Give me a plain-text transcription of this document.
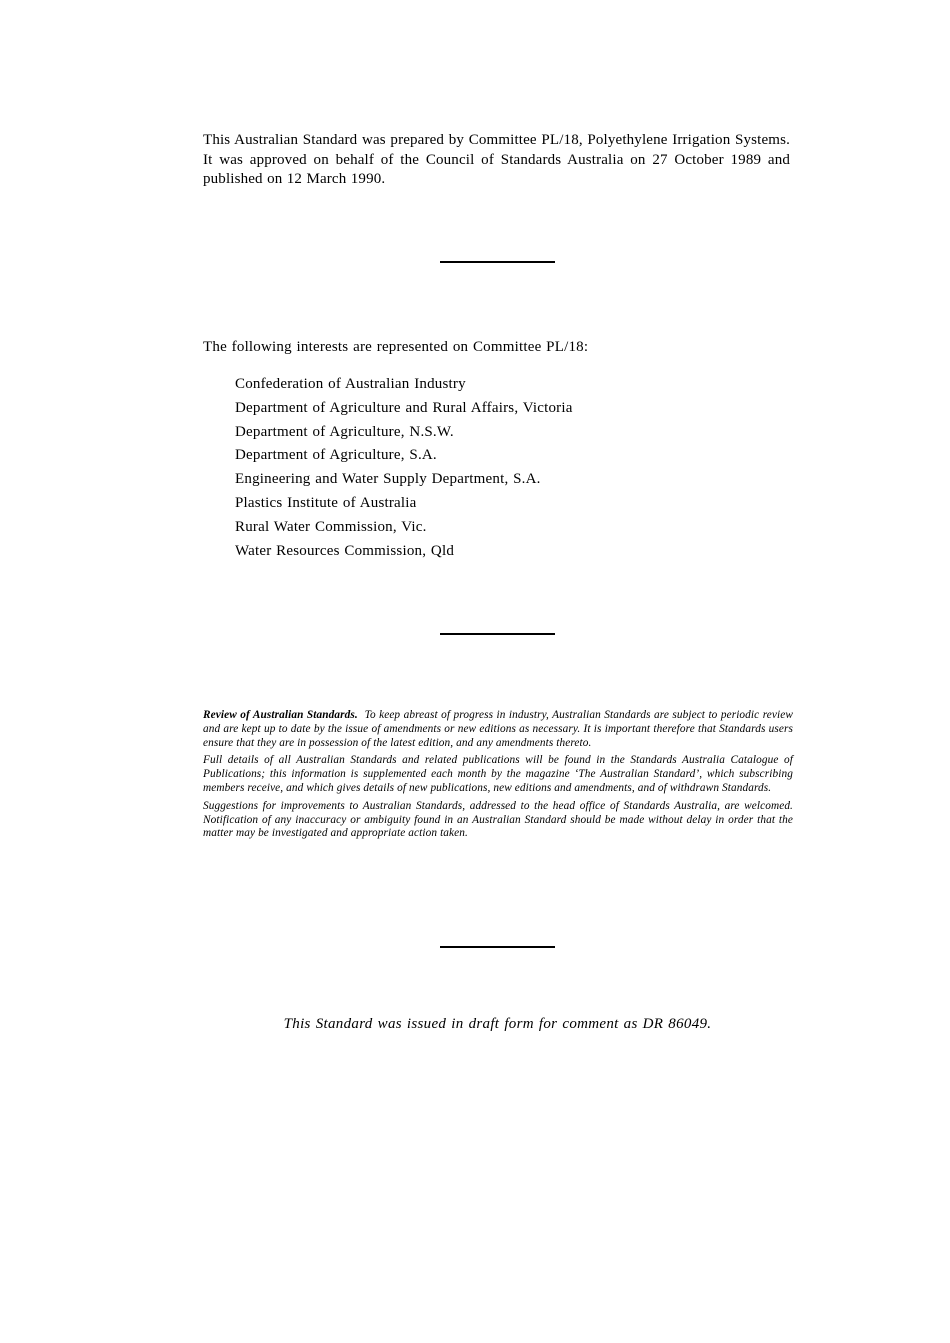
This Australian Standard was prepared by Committee PL/18, Polyethylene Irrigation Systems. It was approved on behalf of the Council of Standards Australia on 27 October 1989 and published on 12 March 1990.
The following interests are represented on Committee PL/18:
Confederation of Australian Industry
Department of Agriculture and Rural Affairs, Victoria
Department of Agriculture, N.S.W.
Department of Agriculture, S.A.
Engineering and Water Supply Department, S.A.
Plastics Institute of Australia
Rural Water Commission, Vic.
Water Resources Commission, Qld

Review of Australian Standards. To keep abreast of progress in industry, Australian Standards are subject to periodic review and are kept up to date by the issue of amendments or new editions as necessary. It is important therefore that Standards users ensure that they are in possession of the latest edition, and any amendments thereto.

Full details of all Australian Standards and related publications will be found in the Standards Australia Catalogue of Publications; this information is supplemented each month by the magazine ‘The Australian Standard’, which subscribing members receive, and which gives details of new publications, new editions and amendments, and of withdrawn Standards.

Suggestions for improvements to Australian Standards, addressed to the head office of Standards Australia, are welcomed. Notification of any inaccuracy or ambiguity found in an Australian Standard should be made without delay in order that the matter may be investigated and appropriate action taken.

This Standard was issued in draft form for comment as DR 86049.
